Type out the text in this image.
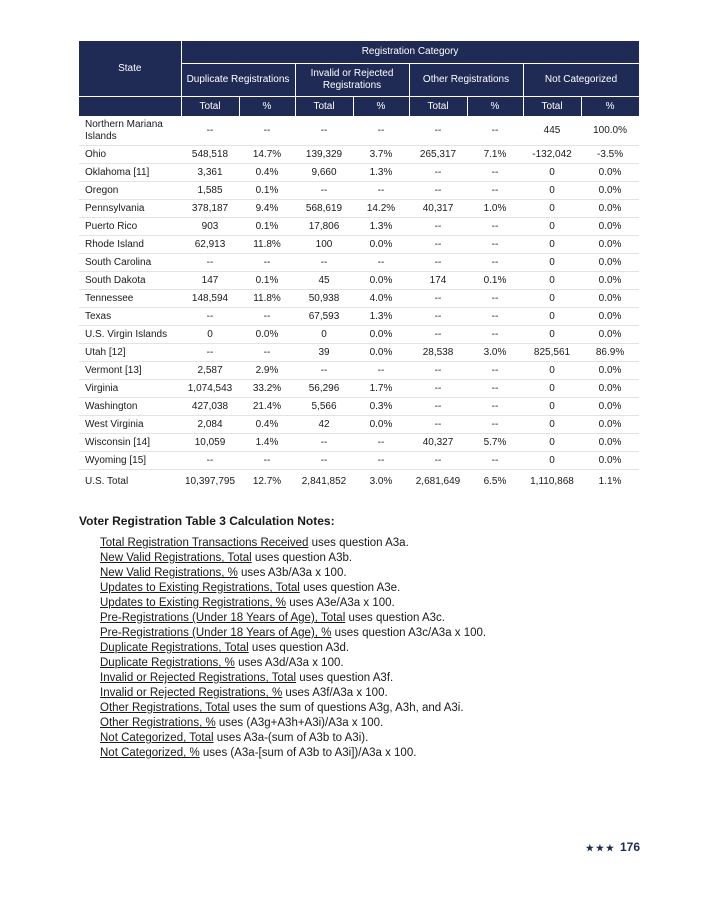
State	Registration Category							
	Duplicate Registrations		Invalid or Rejected Registrations		Other Registrations		Not Categorized	
	Total	%	Total	%	Total	%	Total	%
Northern Mariana Islands	--	--	--	--	--	--	445	100.0%
Ohio	548,518	14.7%	139,329	3.7%	265,317	7.1%	-132,042	-3.5%
Oklahoma [11]	3,361	0.4%	9,660	1.3%	--	--	0	0.0%
Oregon	1,585	0.1%	--	--	--	--	0	0.0%
Pennsylvania	378,187	9.4%	568,619	14.2%	40,317	1.0%	0	0.0%
Puerto Rico	903	0.1%	17,806	1.3%	--	--	0	0.0%
Rhode Island	62,913	11.8%	100	0.0%	--	--	0	0.0%
South Carolina	--	--	--	--	--	--	0	0.0%
South Dakota	147	0.1%	45	0.0%	174	0.1%	0	0.0%
Tennessee	148,594	11.8%	50,938	4.0%	--	--	0	0.0%
Texas	--	--	67,593	1.3%	--	--	0	0.0%
U.S. Virgin Islands	0	0.0%	0	0.0%	--	--	0	0.0%
Utah [12]	--	--	39	0.0%	28,538	3.0%	825,561	86.9%
Vermont [13]	2,587	2.9%	--	--	--	--	0	0.0%
Virginia	1,074,543	33.2%	56,296	1.7%	--	--	0	0.0%
Washington	427,038	21.4%	5,566	0.3%	--	--	0	0.0%
West Virginia	2,084	0.4%	42	0.0%	--	--	0	0.0%
Wisconsin [14]	10,059	1.4%	--	--	40,327	5.7%	0	0.0%
Wyoming [15]	--	--	--	--	--	--	0	0.0%
U.S. Total	10,397,795	12.7%	2,841,852	3.0%	2,681,649	6.5%	1,110,868	1.1%
Voter Registration Table 3 Calculation Notes:
Total Registration Transactions Received uses question A3a.
New Valid Registrations, Total uses question A3b.
New Valid Registrations, % uses A3b/A3a x 100.
Updates to Existing Registrations, Total uses question A3e.
Updates to Existing Registrations, % uses A3e/A3a x 100.
Pre-Registrations (Under 18 Years of Age), Total uses question A3c.
Pre-Registrations (Under 18 Years of Age), % uses question A3c/A3a x 100.
Duplicate Registrations, Total uses question A3d.
Duplicate Registrations, % uses A3d/A3a x 100.
Invalid or Rejected Registrations, Total uses question A3f.
Invalid or Rejected Registrations, % uses A3f/A3a x 100.
Other Registrations, Total uses the sum of questions A3g, A3h, and A3i.
Other Registrations, % uses (A3g+A3h+A3i)/A3a x 100.
Not Categorized, Total uses A3a-(sum of A3b to A3i).
Not Categorized, % uses (A3a-[sum of A3b to A3i])/A3a x 100.
★★★ 176
